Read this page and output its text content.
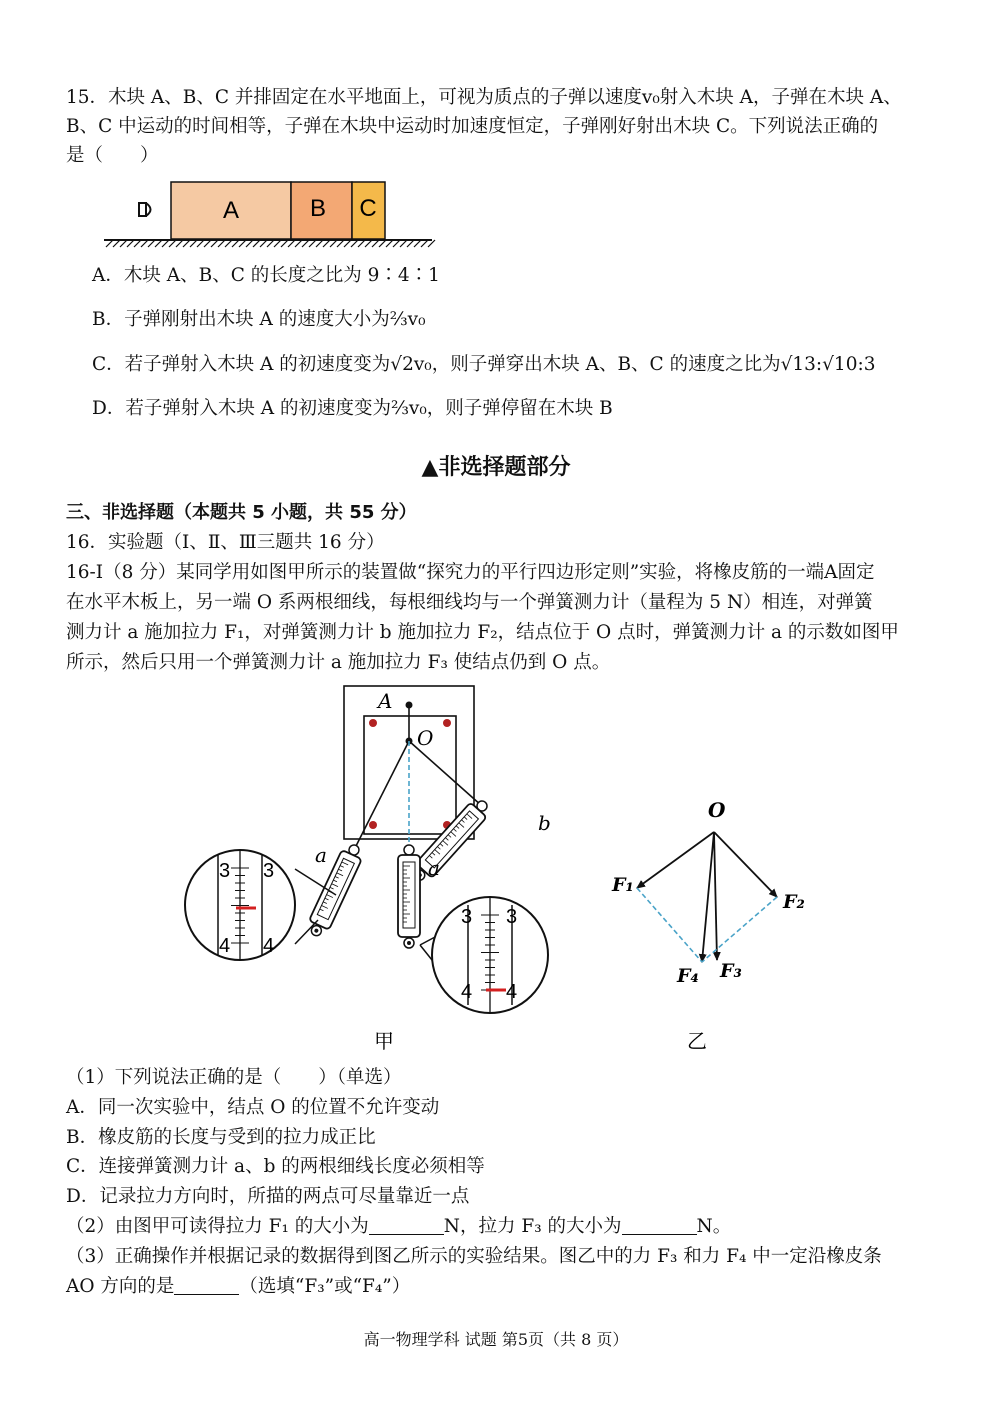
15．木块 A、B、C 并排固定在水平地面上，可视为质点的子弹以速度v₀射入木块 A，子弹在木块 A、
B、C 中运动的时间相等，子弹在木块中运动时加速度恒定，子弹刚好射出木块 C。下列说法正确的
是（　　）
A	B C
A．木块 A、B、C 的长度之比为 9∶4∶1
B．子弹刚射出木块 A 的速度大小为⅔v₀
C．若子弹射入木块 A 的初速度变为√2v₀，则子弹穿出木块 A、B、C 的速度之比为√13:√10:3
D．若子弹射入木块 A 的初速度变为⅔v₀，则子弹停留在木块 B
▲非选择题部分
三、非选择题（本题共 5 小题，共 55 分）
16．实验题（Ⅰ、Ⅱ、Ⅲ三题共 16 分）
16-Ⅰ（8 分）某同学用如图甲所示的装置做“探究力的平行四边形定则”实验，将橡皮筋的一端A固定
在水平木板上，另一端 O 系两根细线，每根细线均与一个弹簧测力计（量程为 5 N）相连，对弹簧
测力计 a 施加拉力 F₁，对弹簧测力计 b 施加拉力 F₂，结点位于 O 点时，弹簧测力计 a 的示数如图甲
所示，然后只用一个弹簧测力计 a 施加拉力 F₃ 使结点仍到 O 点。
A
O
b
a
a
3 3
4 4
3 3
4 4
甲
O
F₁
F₂
F₄ F₃
乙
（1）下列说法正确的是（　　）（单选）
A．同一次实验中，结点 O 的位置不允许变动
B．橡皮筋的长度与受到的拉力成正比
C．连接弹簧测力计 a、b 的两根细线长度必须相等
D．记录拉力方向时，所描的两点可尽量靠近一点
（2）由图甲可读得拉力 F₁ 的大小为	N，拉力 F₃ 的大小为	N。
（3）正确操作并根据记录的数据得到图乙所示的实验结果。图乙中的力 F₃ 和力 F₄ 中一定沿橡皮条
AO 方向的是	（选填“F₃”或“F₄”）
高一物理学科 试题 第5页（共 8 页）
